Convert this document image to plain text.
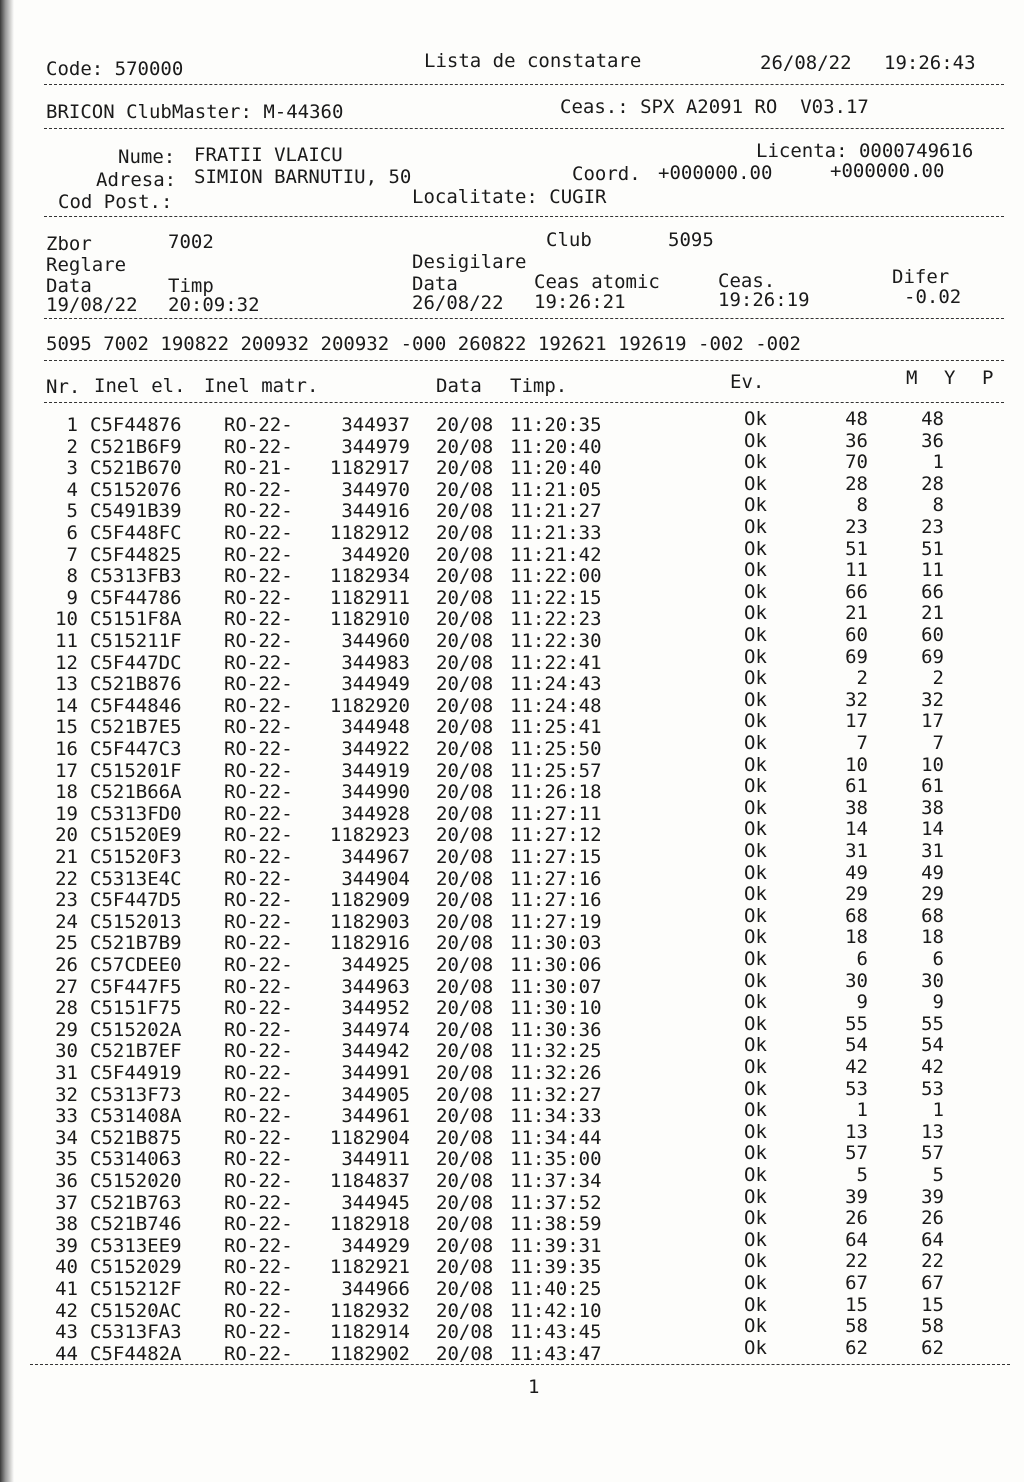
Code: 570000	Lista de constatare	26/08/22 19:26:43
BRICON ClubMaster: M-44360	Ceas.: SPX A2091 RO  V03.17
Nume: FRATII VLAICU	Licenta: 0000749616
Adresa: SIMION BARNUTIU, 50	Coord. +000000.00	+000000.00
Cod Post.:	Localitate: CUGIR
Zbor	7002	Club	5095
Reglare	Desigilare
Data	Timp	Data	Ceas atomic	Ceas.	Difer
19/08/22 20:09:32	26/08/22 19:26:21	19:26:19	-0.02
5095 7002 190822 200932 200932 -000 260822 192621 192619 -002 -002
Nr. Inel el. Inel matr.	Data Timp.	Ev.	M Y P
1 C5F44876 RO-22-	344937 20/08 11:20:35	Ok	48	48
2 C521B6F9 RO-22-	344979 20/08 11:20:40	Ok	36	36
3 C521B670 RO-21-	1182917 20/08 11:20:40	Ok	70	1
4 C5152076 RO-22-	344970 20/08 11:21:05	Ok	28	28
5 C5491B39 RO-22-	344916 20/08 11:21:27	Ok	8	8
6 C5F448FC RO-22-	1182912 20/08 11:21:33	Ok	23	23
7 C5F44825 RO-22-	344920 20/08 11:21:42	Ok	51	51
8 C5313FB3 RO-22-	1182934 20/08 11:22:00	Ok	11	11
9 C5F44786 RO-22-	1182911 20/08 11:22:15	Ok	66	66
10 C5151F8A RO-22-	1182910 20/08 11:22:23	Ok	21	21
11 C515211F RO-22-	344960 20/08 11:22:30	Ok	60	60
12 C5F447DC RO-22-	344983 20/08 11:22:41	Ok	69	69
13 C521B876 RO-22-	344949 20/08 11:24:43	Ok	2	2
14 C5F44846 RO-22-	1182920 20/08 11:24:48	Ok	32	32
15 C521B7E5 RO-22-	344948 20/08 11:25:41	Ok	17	17
16 C5F447C3 RO-22-	344922 20/08 11:25:50	Ok	7	7
17 C515201F RO-22-	344919 20/08 11:25:57	Ok	10	10
18 C521B66A RO-22-	344990 20/08 11:26:18	Ok	61	61
19 C5313FD0 RO-22-	344928 20/08 11:27:11	Ok	38	38
20 C51520E9 RO-22-	1182923 20/08 11:27:12	Ok	14	14
21 C51520F3 RO-22-	344967 20/08 11:27:15	Ok	31	31
22 C5313E4C RO-22-	344904 20/08 11:27:16	Ok	49	49
23 C5F447D5 RO-22-	1182909 20/08 11:27:16	Ok	29	29
24 C5152013 RO-22-	1182903 20/08 11:27:19	Ok	68	68
25 C521B7B9 RO-22-	1182916 20/08 11:30:03	Ok	18	18
26 C57CDEE0 RO-22-	344925 20/08 11:30:06	Ok	6	6
27 C5F447F5 RO-22-	344963 20/08 11:30:07	Ok	30	30
28 C5151F75 RO-22-	344952 20/08 11:30:10	Ok	9	9
29 C515202A RO-22-	344974 20/08 11:30:36	Ok	55	55
30 C521B7EF RO-22-	344942 20/08 11:32:25	Ok	54	54
31 C5F44919 RO-22-	344991 20/08 11:32:26	Ok	42	42
32 C5313F73 RO-22-	344905 20/08 11:32:27	Ok	53	53
33 C531408A RO-22-	344961 20/08 11:34:33	Ok	1	1
34 C521B875 RO-22-	1182904 20/08 11:34:44	Ok	13	13
35 C5314063 RO-22-	344911 20/08 11:35:00	Ok	57	57
36 C5152020 RO-22-	1184837 20/08 11:37:34	Ok	5	5
37 C521B763 RO-22-	344945 20/08 11:37:52	Ok	39	39
38 C521B746 RO-22-	1182918 20/08 11:38:59	Ok	26	26
39 C5313EE9 RO-22-	344929 20/08 11:39:31	Ok	64	64
40 C5152029 RO-22-	1182921 20/08 11:39:35	Ok	22	22
41 C515212F RO-22-	344966 20/08 11:40:25	Ok	67	67
42 C51520AC RO-22-	1182932 20/08 11:42:10	Ok	15	15
43 C5313FA3 RO-22-	1182914 20/08 11:43:45	Ok	58	58
44 C5F4482A RO-22-	1182902 20/08 11:43:47	Ok	62	62
1
